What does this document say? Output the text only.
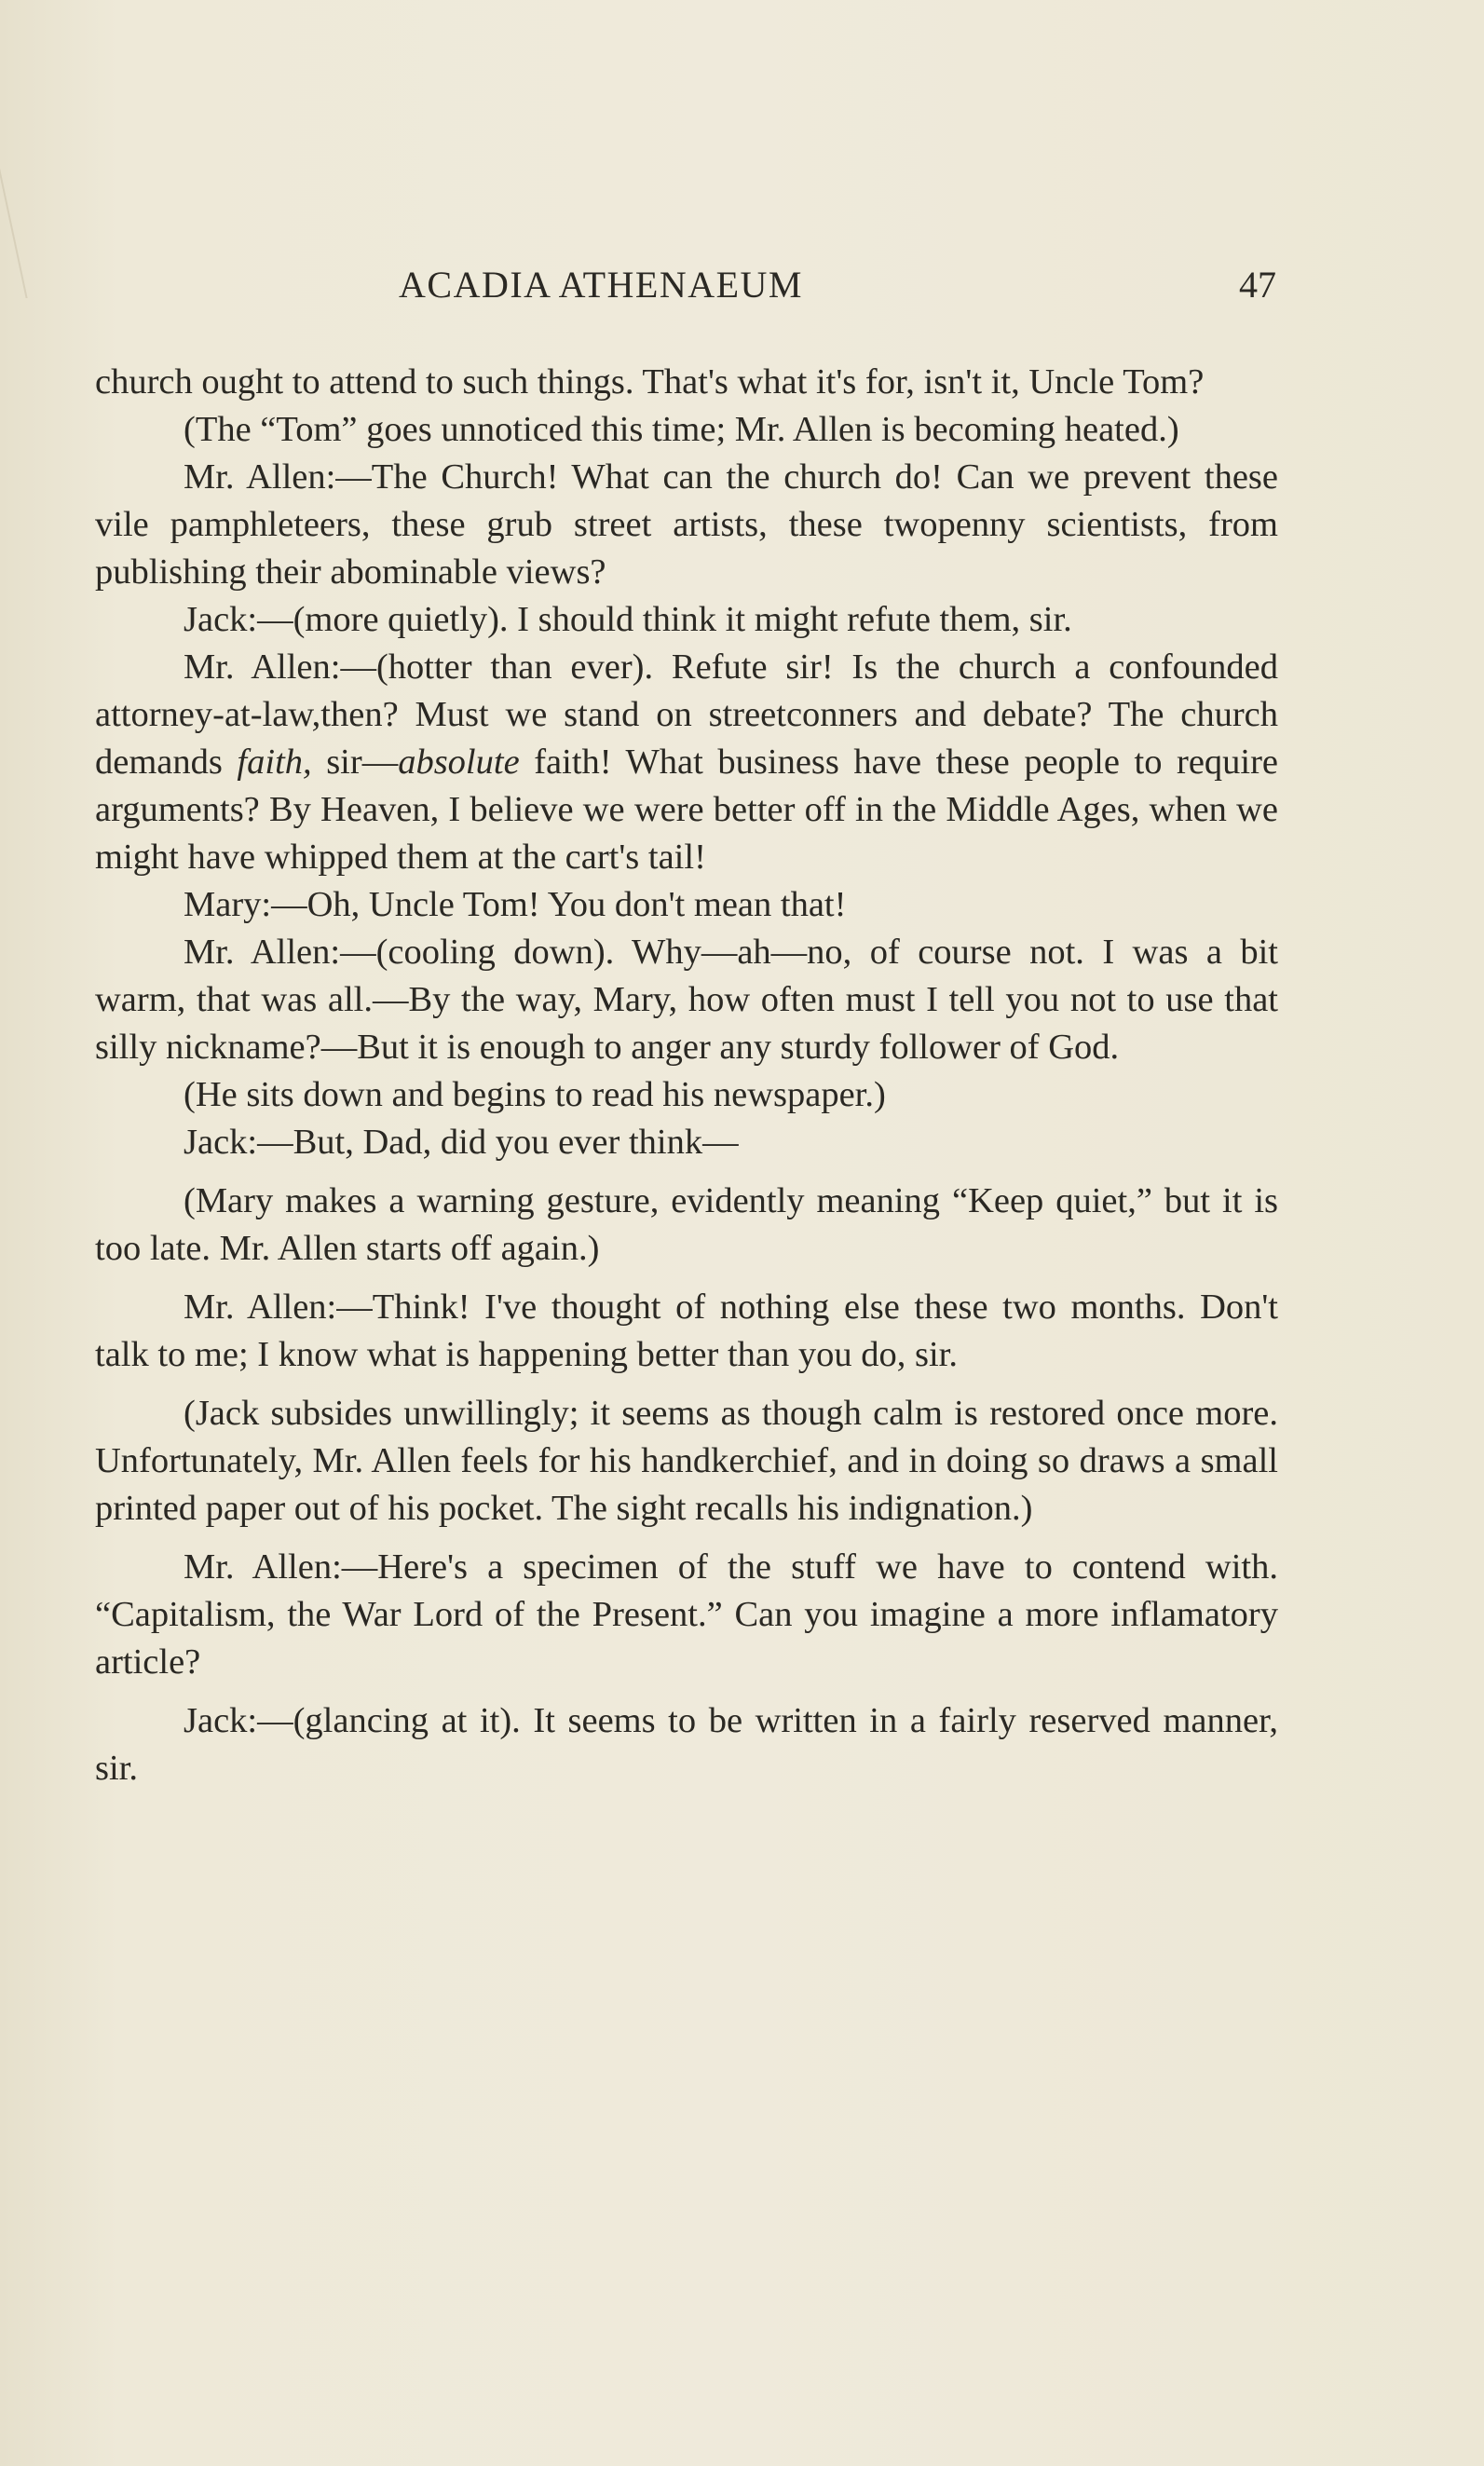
ACADIA ATHENAEUM	47

church ought to attend to such things. That's what it's for, isn't it, Uncle Tom?

(The “Tom” goes unnoticed this time; Mr. Allen is becoming heated.)

Mr. Allen:—The Church! What can the church do! Can we prevent these vile pamphleteers, these grub street artists, these twopenny scientists, from publishing their abominable views?

Jack:—(more quietly). I should think it might refute them, sir.

Mr. Allen:—(hotter than ever). Refute sir! Is the church a confounded attorney-at-law,then? Must we stand on streetconners and debate? The church demands faith, sir—absolute faith! What business have these people to require arguments? By Heaven, I believe we were better off in the Middle Ages, when we might have whipped them at the cart's tail!

Mary:—Oh, Uncle Tom! You don't mean that!

Mr. Allen:—(cooling down). Why—ah—no, of course not. I was a bit warm, that was all.—By the way, Mary, how often must I tell you not to use that silly nickname?—But it is enough to anger any sturdy follower of God.

(He sits down and begins to read his newspaper.)

Jack:—But, Dad, did you ever think—

(Mary makes a warning gesture, evidently meaning “Keep quiet,” but it is too late. Mr. Allen starts off again.)

Mr. Allen:—Think! I've thought of nothing else these two months. Don't talk to me; I know what is happening better than you do, sir.

(Jack subsides unwillingly; it seems as though calm is restored once more. Unfortunately, Mr. Allen feels for his handkerchief, and in doing so draws a small printed paper out of his pocket. The sight recalls his indignation.)

Mr. Allen:—Here's a specimen of the stuff we have to contend with. “Capitalism, the War Lord of the Present.” Can you imagine a more inflamatory article?

Jack:—(glancing at it). It seems to be written in a fairly reserved manner, sir.
